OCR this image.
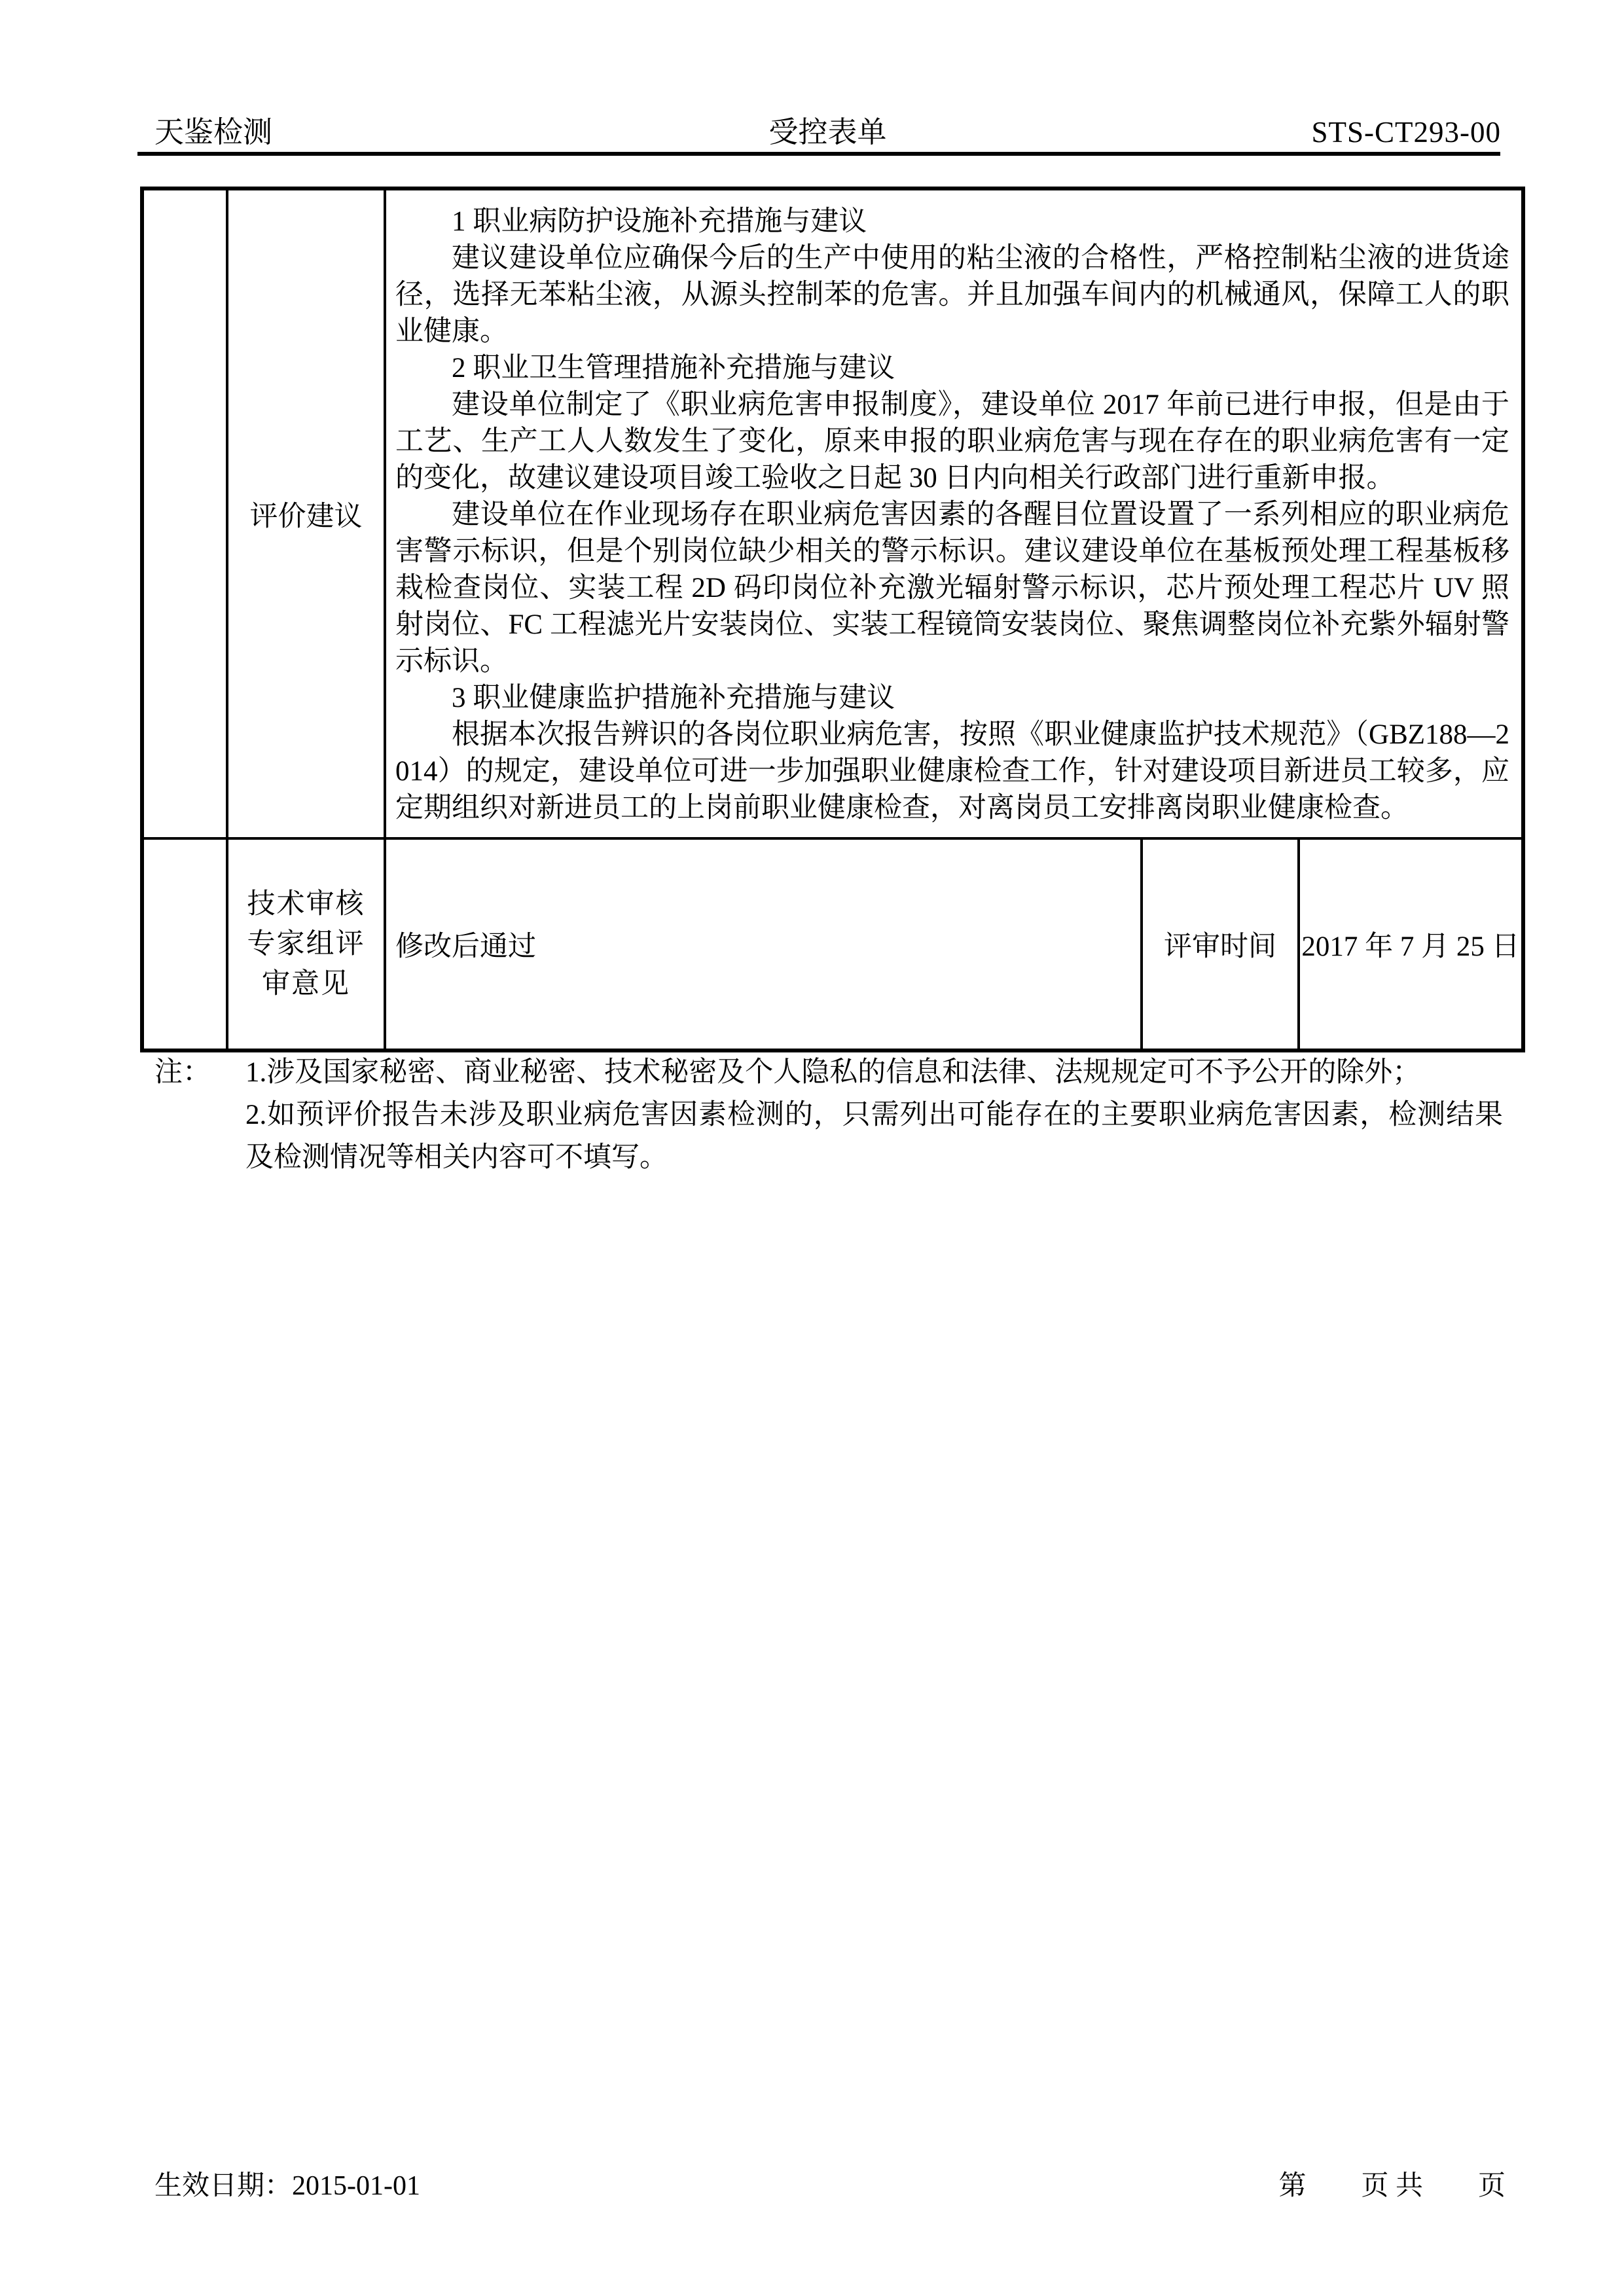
天鉴检测	受控表单	STS-CT293-00
	评价建议	

1 职业病防护设施补充措施与建议

建议建设单位应确保今后的生产中使用的粘尘液的合格性，严格控制粘尘液的进货途径，选择无苯粘尘液，从源头控制苯的危害。并且加强车间内的机械通风，保障工人的职业健康。

2 职业卫生管理措施补充措施与建议

建设单位制定了《职业病危害申报制度》，建设单位 2017 年前已进行申报，但是由于工艺、生产工人人数发生了变化，原来申报的职业病危害与现在存在的职业病危害有一定的变化，故建议建设项目竣工验收之日起 30 日内向相关行政部门进行重新申报。

建设单位在作业现场存在职业病危害因素的各醒目位置设置了一系列相应的职业病危害警示标识，但是个别岗位缺少相关的警示标识。建议建设单位在基板预处理工程基板移栽检查岗位、实装工程 2D 码印岗位补充激光辐射警示标识，芯片预处理工程芯片 UV 照射岗位、FC 工程滤光片安装岗位、实装工程镜筒安装岗位、聚焦调整岗位补充紫外辐射警示标识。

3 职业健康监护措施补充措施与建议

根据本次报告辨识的各岗位职业病危害，按照《职业健康监护技术规范》（GBZ188—2014）的规定，建设单位可进一步加强职业健康检查工作，针对建设项目新进员工较多，应定期组织对新进员工的上岗前职业健康检查，对离岗员工安排离岗职业健康检查。

	技术审核专家组评审意见	修改后通过	评审时间	2017 年 7 月 25 日
注：	1.涉及国家秘密、商业秘密、技术秘密及个人隐私的信息和法律、法规规定可不予公开的除外；

2.如预评价报告未涉及职业病危害因素检测的，只需列出可能存在的主要职业病危害因素，检测结果及检测情况等相关内容可不填写。

生效日期：2015-01-01	第　　页 共　　页
